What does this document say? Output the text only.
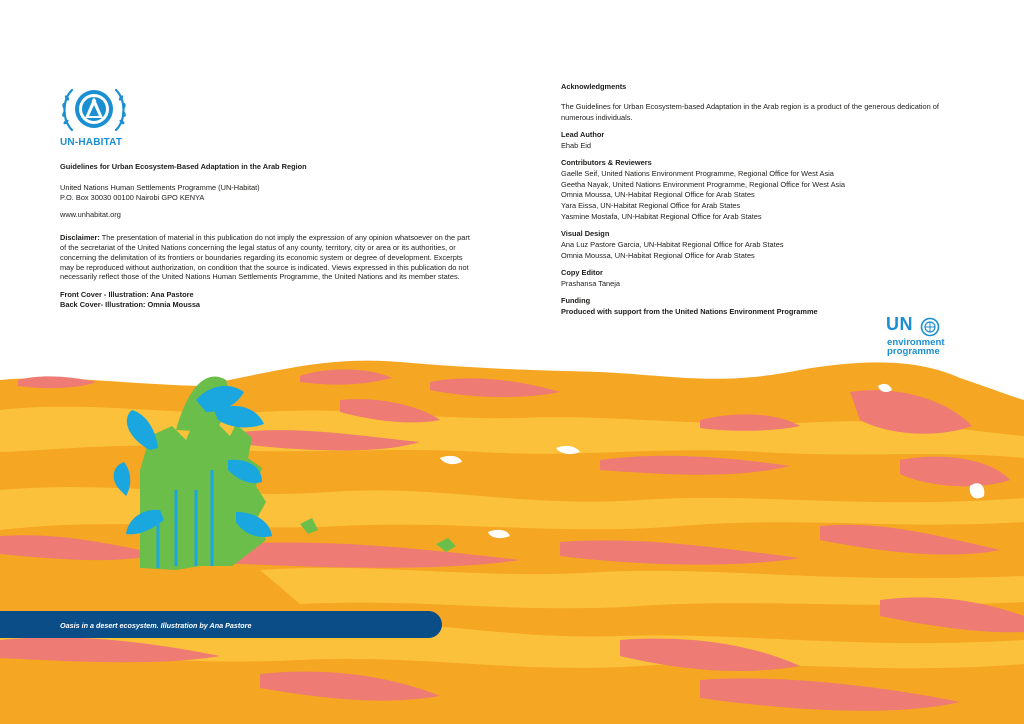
UN-HABITAT

Guidelines for Urban Ecosystem-Based Adaptation in the Arab Region

United Nations Human Settlements Programme (UN-Habitat)

P.O. Box 30030 00100 Nairobi GPO KENYA

www.unhabitat.org

Disclaimer: The presentation of material in this publication do not imply the expression of any opinion whatsoever on the part of the secretariat of the United Nations concerning the legal status of any county, territory, city or area or its authorities, or concerning the delimitation of its frontiers or boundaries regarding its economic system or degree of development. Excerpts may be reproduced without authorization, on condition that the source is indicated. Views expressed in this publication do not necessarily reflect those of the United Nations Human Settlements Programme, the United Nations and its member states.

Front Cover - Illustration: Ana Pastore

Back Cover- Illustration: Omnia Moussa

Acknowledgments

The Guidelines for Urban Ecosystem-based Adaptation in the Arab region is a product of the generous dedication of numerous individuals.

Lead Author
Ehab Eid
Contributors & Reviewers
Gaelle Seif, United Nations Environment Programme, Regional Office for West Asia
Geetha Nayak, United Nations Environment Programme, Regional Office for West Asia
Omnia Moussa, UN-Habitat Regional Office for Arab States
Yara Eissa, UN-Habitat Regional Office for Arab States
Yasmine Mostafa, UN-Habitat Regional Office for Arab States
Visual Design
Ana Luz Pastore Garcia, UN-Habitat Regional Office for Arab States
Omnia Moussa, UN-Habitat Regional Office for Arab States
Copy Editor
Prashansa Taneja
Funding
Produced with support from the United Nations Environment Programme
UN
environment
programme
Oasis in a desert ecosystem. Illustration by Ana Pastore
